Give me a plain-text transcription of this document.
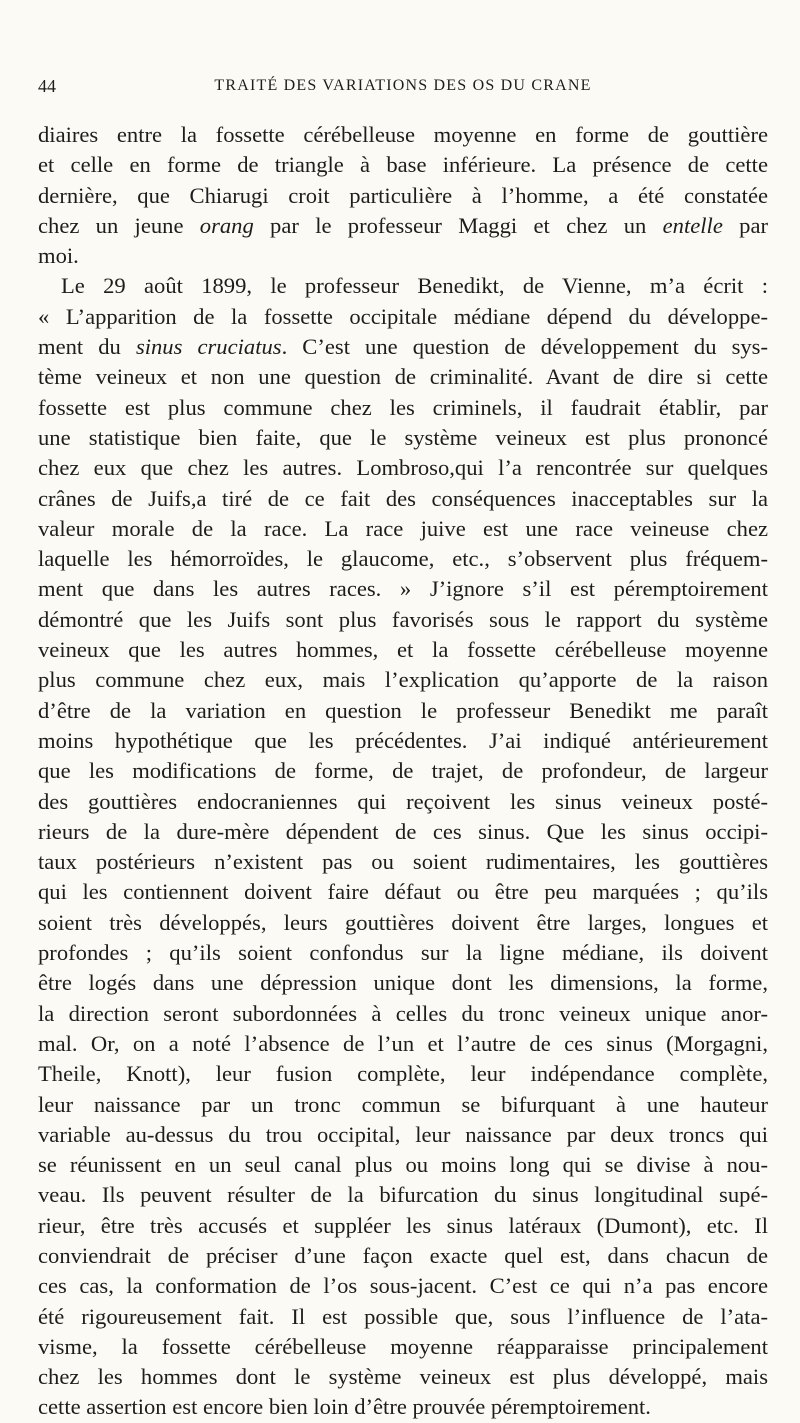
44	TRAITÉ DES VARIATIONS DES OS DU CRANE
diaires entre la fossette cérébelleuse moyenne en forme de gouttière
et celle en forme de triangle à base inférieure. La présence de cette
dernière, que Chiarugi croit particulière à l’homme, a été constatée
chez un jeune orang par le professeur Maggi et chez un entelle par
moi.
Le 29 août 1899, le professeur Benedikt, de Vienne, m’a écrit :
« L’apparition de la fossette occipitale médiane dépend du développe-
ment du sinus cruciatus. C’est une question de développement du sys-
tème veineux et non une question de criminalité. Avant de dire si cette
fossette est plus commune chez les criminels, il faudrait établir, par
une statistique bien faite, que le système veineux est plus prononcé
chez eux que chez les autres. Lombroso,qui l’a rencontrée sur quelques
crânes de Juifs,a tiré de ce fait des conséquences inacceptables sur la
valeur morale de la race. La race juive est une race veineuse chez
laquelle les hémorroïdes, le glaucome, etc., s’observent plus fréquem-
ment que dans les autres races. » J’ignore s’il est péremptoirement
démontré que les Juifs sont plus favorisés sous le rapport du système
veineux que les autres hommes, et la fossette cérébelleuse moyenne
plus commune chez eux, mais l’explication qu’apporte de la raison
d’être de la variation en question le professeur Benedikt me paraît
moins hypothétique que les précédentes. J’ai indiqué antérieurement
que les modifications de forme, de trajet, de profondeur, de largeur
des gouttières endocraniennes qui reçoivent les sinus veineux posté-
rieurs de la dure-mère dépendent de ces sinus. Que les sinus occipi-
taux postérieurs n’existent pas ou soient rudimentaires, les gouttières
qui les contiennent doivent faire défaut ou être peu marquées ; qu’ils
soient très développés, leurs gouttières doivent être larges, longues et
profondes ; qu’ils soient confondus sur la ligne médiane, ils doivent
être logés dans une dépression unique dont les dimensions, la forme,
la direction seront subordonnées à celles du tronc veineux unique anor-
mal. Or, on a noté l’absence de l’un et l’autre de ces sinus (Morgagni,
Theile, Knott), leur fusion complète, leur indépendance complète,
leur naissance par un tronc commun se bifurquant à une hauteur
variable au-dessus du trou occipital, leur naissance par deux troncs qui
se réunissent en un seul canal plus ou moins long qui se divise à nou-
veau. Ils peuvent résulter de la bifurcation du sinus longitudinal supé-
rieur, être très accusés et suppléer les sinus latéraux (Dumont), etc. Il
conviendrait de préciser d’une façon exacte quel est, dans chacun de
ces cas, la conformation de l’os sous-jacent. C’est ce qui n’a pas encore
été rigoureusement fait. Il est possible que, sous l’influence de l’ata-
visme, la fossette cérébelleuse moyenne réapparaisse principalement
chez les hommes dont le système veineux est plus développé, mais
cette assertion est encore bien loin d’être prouvée péremptoirement.
